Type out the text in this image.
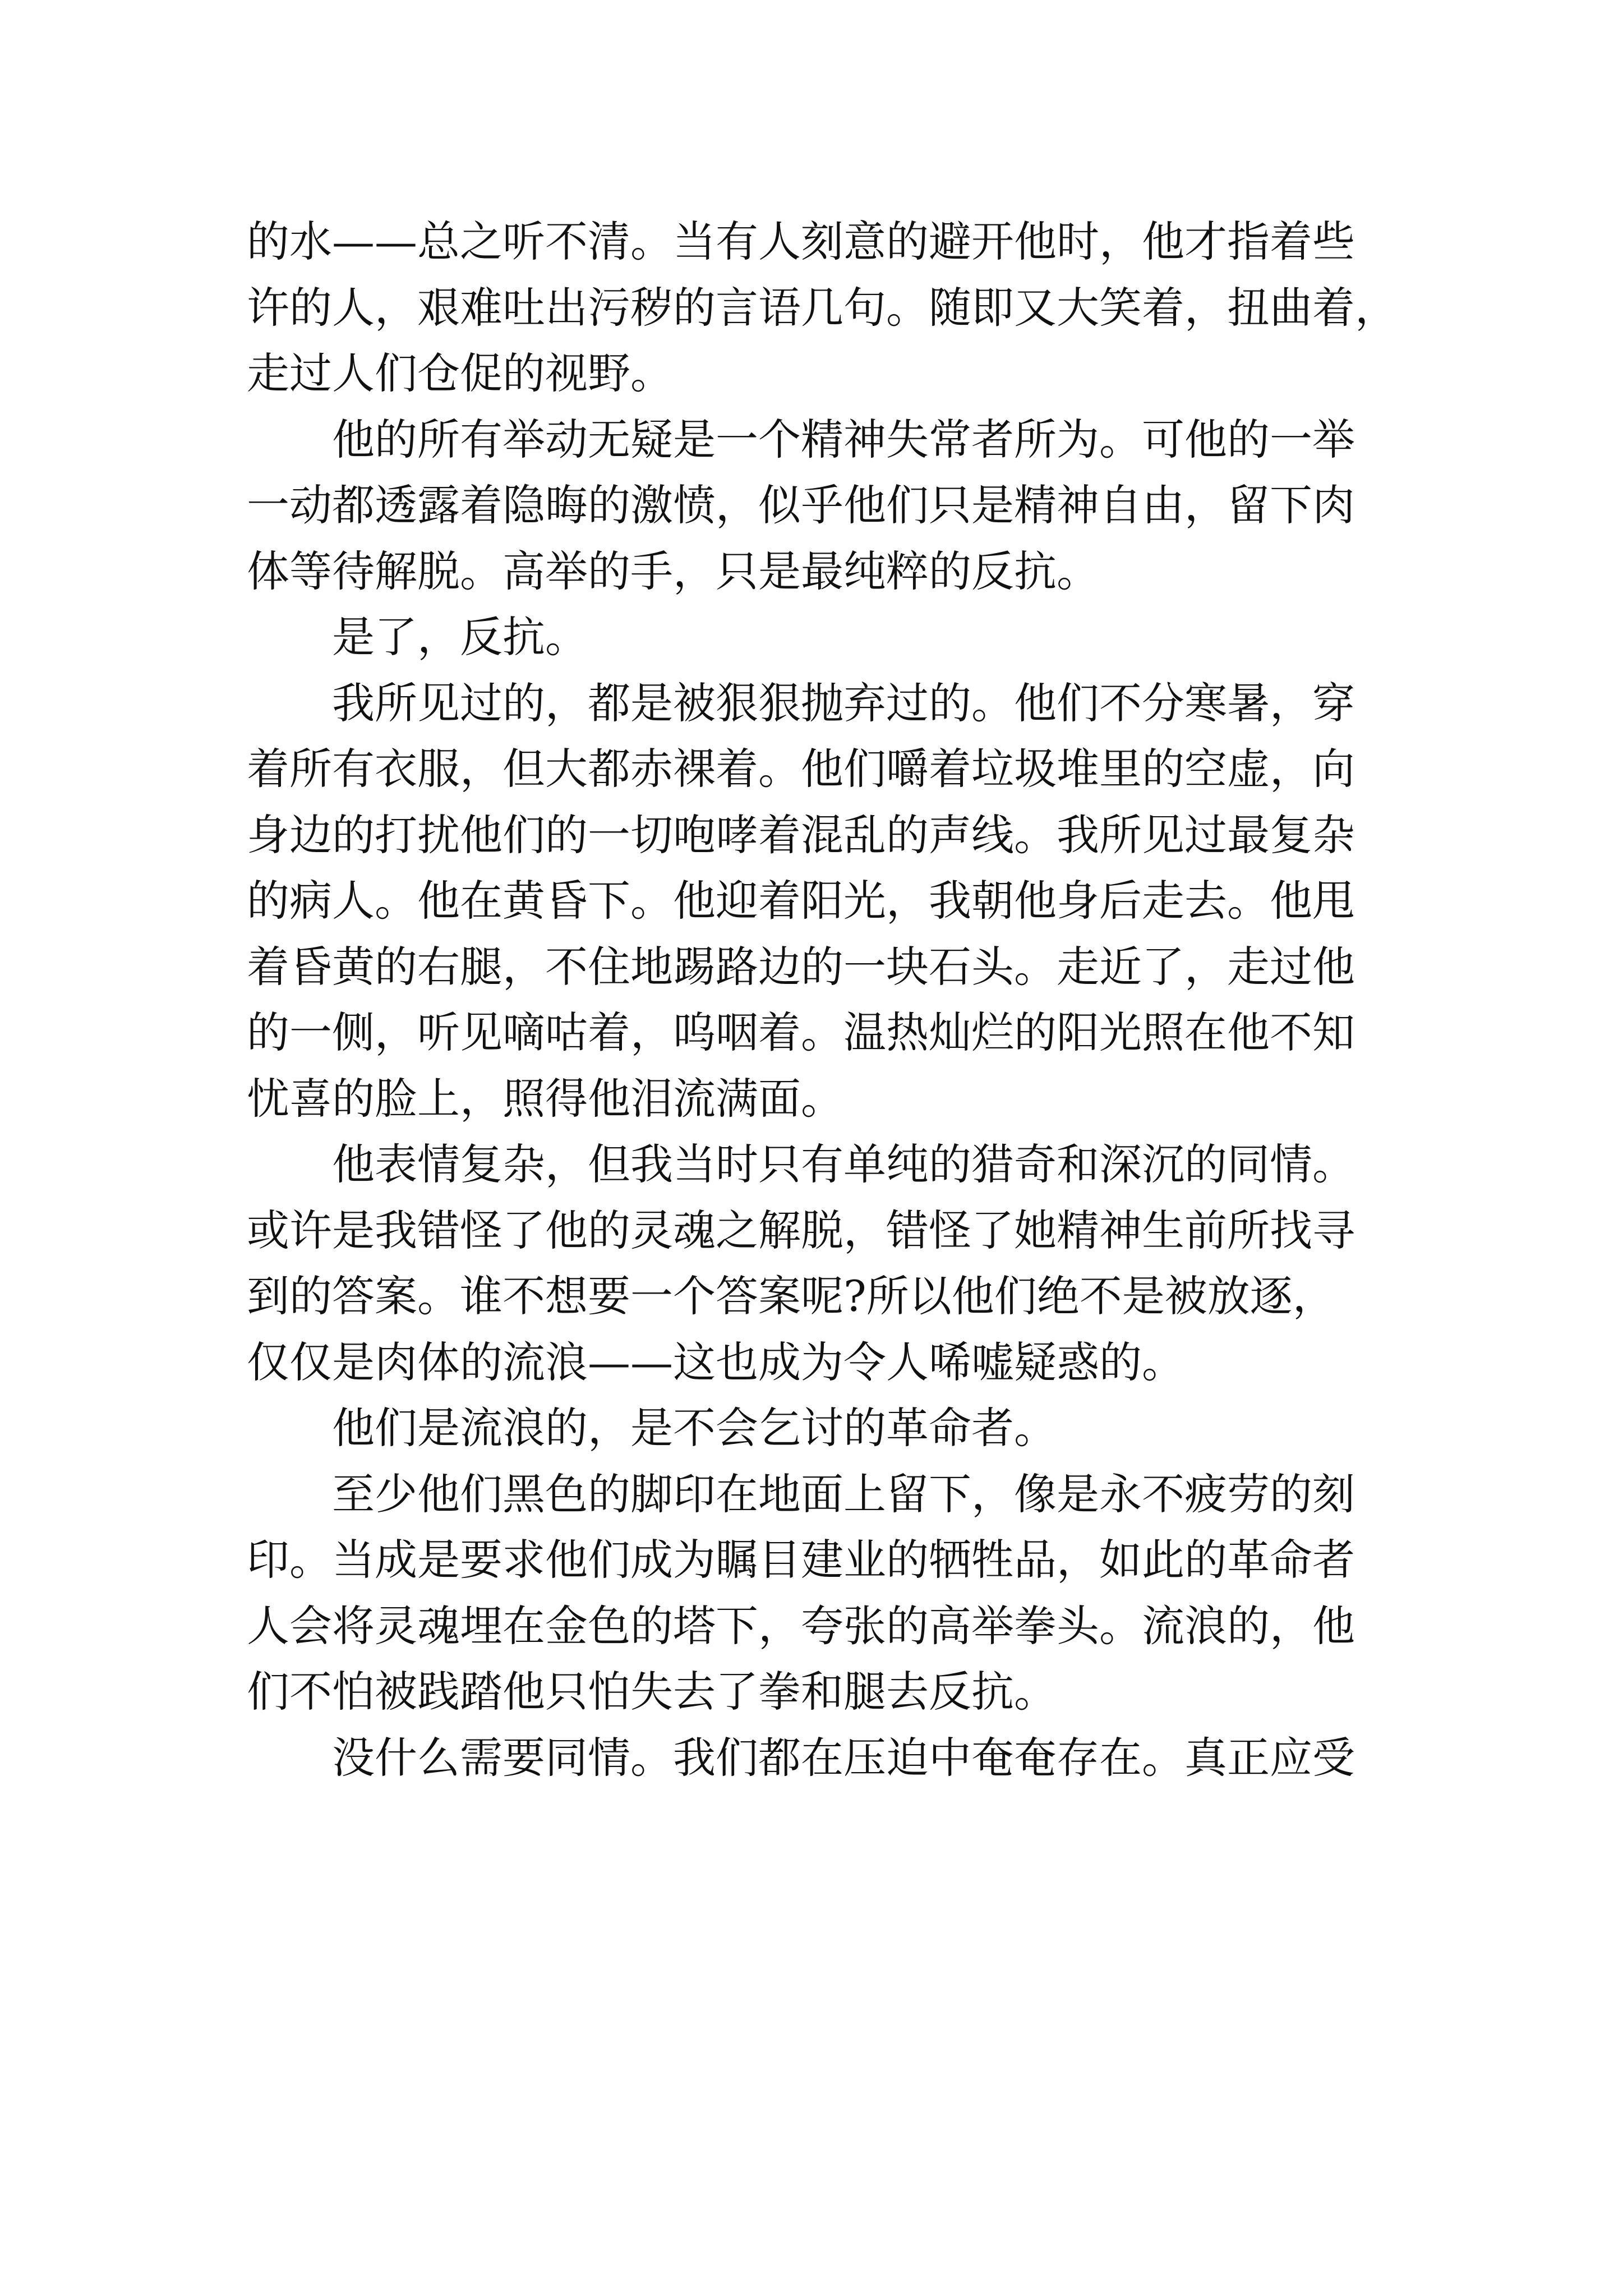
的水——总之听不清。当有人刻意的避开他时，他才指着些
许的人，艰难吐出污秽的言语几句。随即又大笑着，扭曲着，
走过人们仓促的视野。
他的所有举动无疑是一个精神失常者所为。可他的一举
一动都透露着隐晦的激愤，似乎他们只是精神自由，留下肉
体等待解脱。高举的手，只是最纯粹的反抗。
是了，反抗。
我所见过的，都是被狠狠抛弃过的。他们不分寒暑，穿
着所有衣服，但大都赤裸着。他们嚼着垃圾堆里的空虚，向
身边的打扰他们的一切咆哮着混乱的声线。我所见过最复杂
的病人。他在黄昏下。他迎着阳光，我朝他身后走去。他甩
着昏黄的右腿，不住地踢路边的一块石头。走近了，走过他
的一侧，听见嘀咕着，呜咽着。温热灿烂的阳光照在他不知
忧喜的脸上，照得他泪流满面。
他表情复杂，但我当时只有单纯的猎奇和深沉的同情。
或许是我错怪了他的灵魂之解脱，错怪了她精神生前所找寻
到的答案。谁不想要一个答案呢?所以他们绝不是被放逐，
仅仅是肉体的流浪——这也成为令人唏嘘疑惑的。
他们是流浪的，是不会乞讨的革命者。
至少他们黑色的脚印在地面上留下，像是永不疲劳的刻
印。当成是要求他们成为瞩目建业的牺牲品，如此的革命者
人会将灵魂埋在金色的塔下，夸张的高举拳头。流浪的，他
们不怕被践踏他只怕失去了拳和腿去反抗。
没什么需要同情。我们都在压迫中奄奄存在。真正应受
